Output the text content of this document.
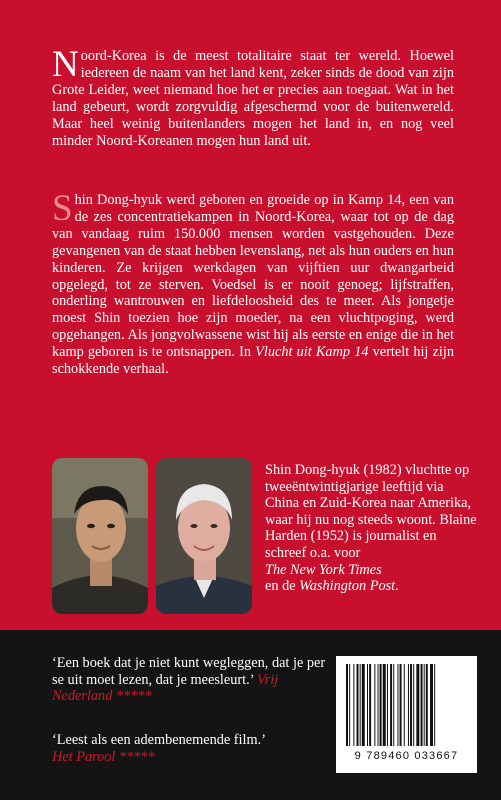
Noord-Korea is de meest totalitaire staat ter wereld. Hoewel iedereen de naam van het land kent, zeker sinds de dood van zijn Grote Leider, weet niemand hoe het er precies aan toegaat. Wat in het land gebeurt, wordt zorgvuldig afgeschermd voor de buitenwereld. Maar heel weinig buitenlanders mogen het land in, en nog veel minder Noord-Koreanen mogen hun land uit.

Shin Dong-hyuk werd geboren en groeide op in Kamp 14, een van de zes concentratiekampen in Noord-Korea, waar tot op de dag van vandaag ruim 150.000 mensen worden vastgehouden. Deze gevangenen van de staat hebben levenslang, net als hun ouders en hun kinderen. Ze krijgen werkdagen van vijftien uur dwangarbeid opgelegd, tot ze sterven. Voedsel is er nooit genoeg; lijfstraffen, onderling wantrouwen en liefdeloosheid des te meer. Als jongetje moest Shin toezien hoe zijn moeder, na een vluchtpoging, werd opgehangen. Als jongvolwassene wist hij als eerste en enige die in het kamp geboren is te ontsnappen. In Vlucht uit Kamp 14 vertelt hij zijn schokkende verhaal.

Shin Dong-hyuk (1982) vluchtte op tweeëntwintigjarige leeftijd via China en Zuid-Korea naar Amerika, waar hij nu nog steeds woont. Blaine Harden (1952) is journalist en schreef o.a. voor
The New York Times
en de Washington Post.

‘Een boek dat je niet kunt wegleggen, dat je per se uit moet lezen, dat je meesleurt.’ Vrij Nederland *****

‘Leest als een adembenemende film.’
Het Parool *****	9 789460 033667
